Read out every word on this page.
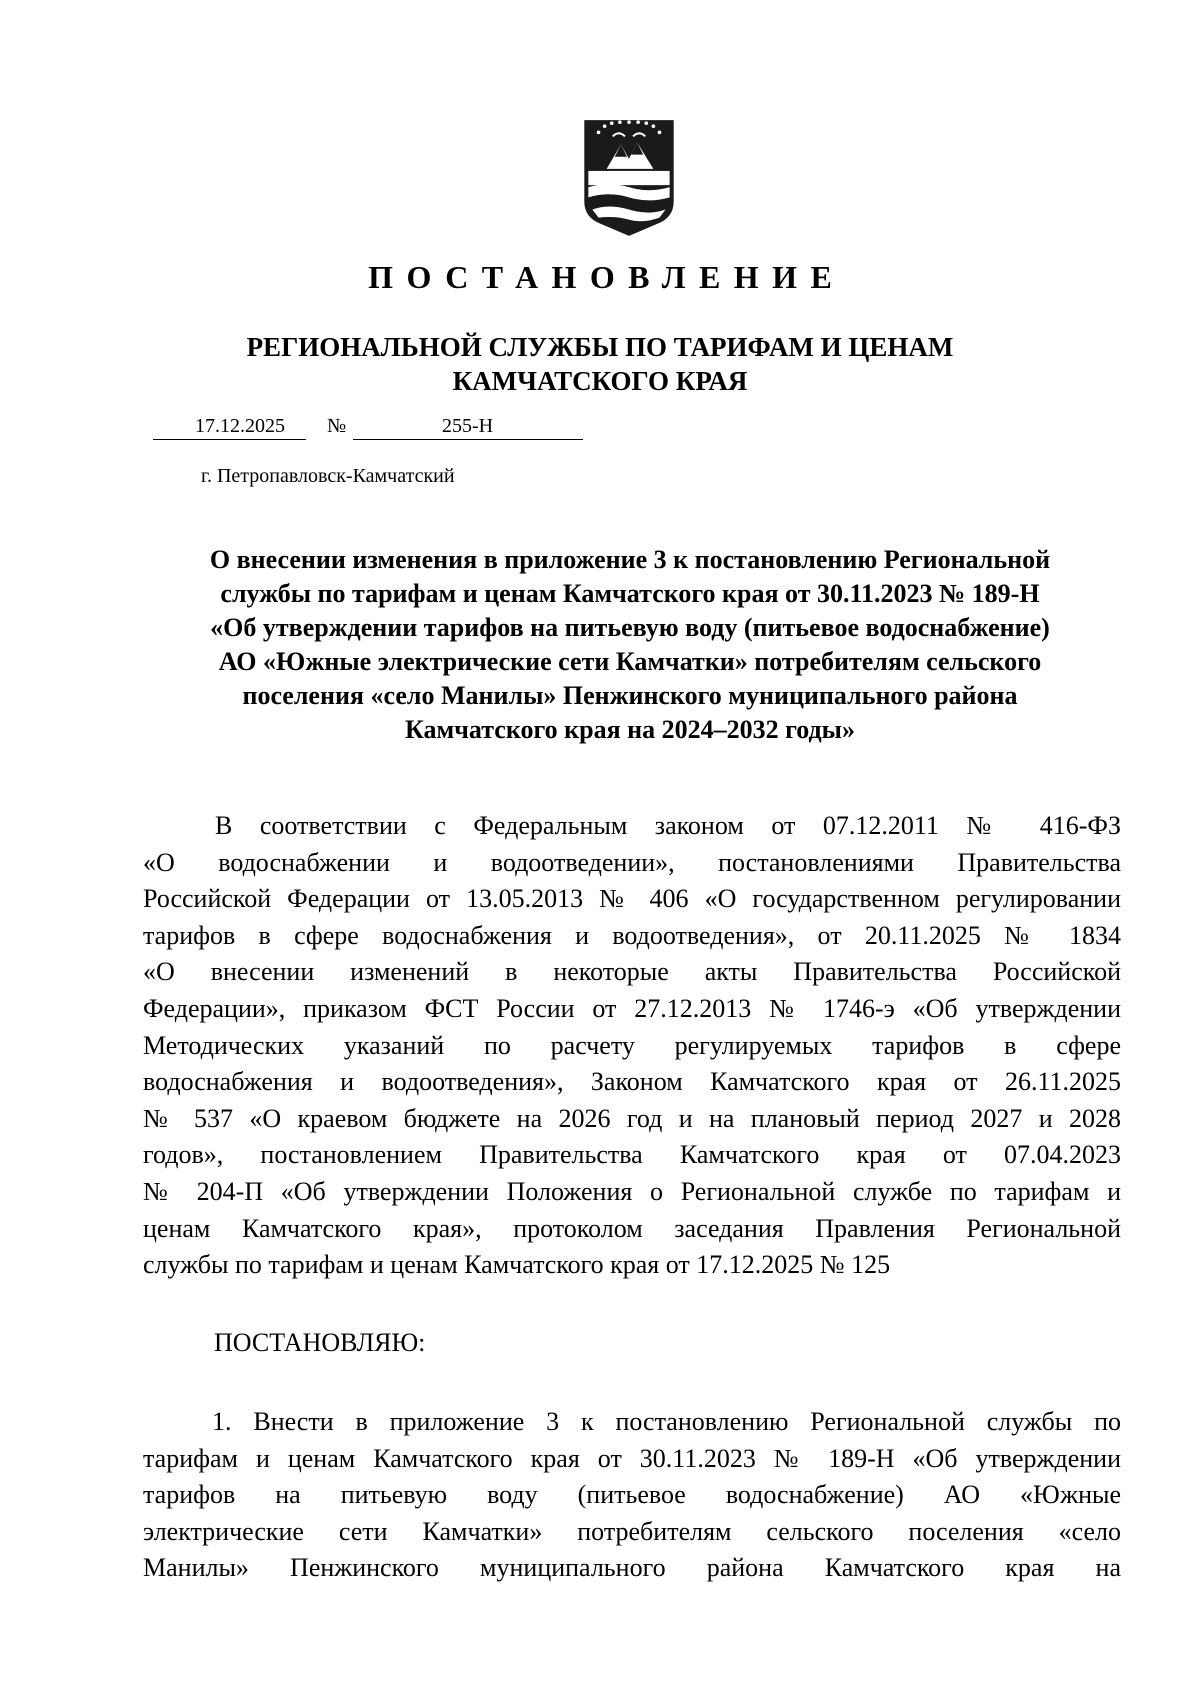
ПОСТАНОВЛЕНИЕ
РЕГИОНАЛЬНОЙ СЛУЖБЫ ПО ТАРИФАМ И ЦЕНАМ
КАМЧАТСКОГО КРАЯ
17.12.2025 №	255-Н
г. Петропавловск-Камчатский
О внесении изменения в приложение 3 к постановлению Региональной
службы по тарифам и ценам Камчатского края от 30.11.2023 № 189-Н
«Об утверждении тарифов на питьевую воду (питьевое водоснабжение)
АО «Южные электрические сети Камчатки» потребителям сельского
поселения «село Манилы» Пенжинского муниципального района
Камчатского края на 2024–2032 годы»
В соответствии с Федеральным законом от 07.12.2011 № 416-ФЗ
«О водоснабжении и водоотведении», постановлениями Правительства
Российской Федерации от 13.05.2013 № 406 «О государственном регулировании
тарифов в сфере водоснабжения и водоотведения», от 20.11.2025 № 1834
«О внесении изменений в некоторые акты Правительства Российской
Федерации», приказом ФСТ России от 27.12.2013 № 1746-э «Об утверждении
Методических указаний по расчету регулируемых тарифов в сфере
водоснабжения и водоотведения», Законом Камчатского края от 26.11.2025
№ 537 «О краевом бюджете на 2026 год и на плановый период 2027 и 2028
годов», постановлением Правительства Камчатского края от 07.04.2023
№ 204-П «Об утверждении Положения о Региональной службе по тарифам и
ценам Камчатского края», протоколом заседания Правления Региональной
службы по тарифам и ценам Камчатского края от 17.12.2025 № 125
ПОСТАНОВЛЯЮ:
1. Внести в приложение 3 к постановлению Региональной службы по
тарифам и ценам Камчатского края от 30.11.2023 № 189-Н «Об утверждении
тарифов на питьевую воду (питьевое водоснабжение) АО «Южные
электрические сети Камчатки» потребителям сельского поселения «село
Манилы» Пенжинского муниципального района Камчатского края на
